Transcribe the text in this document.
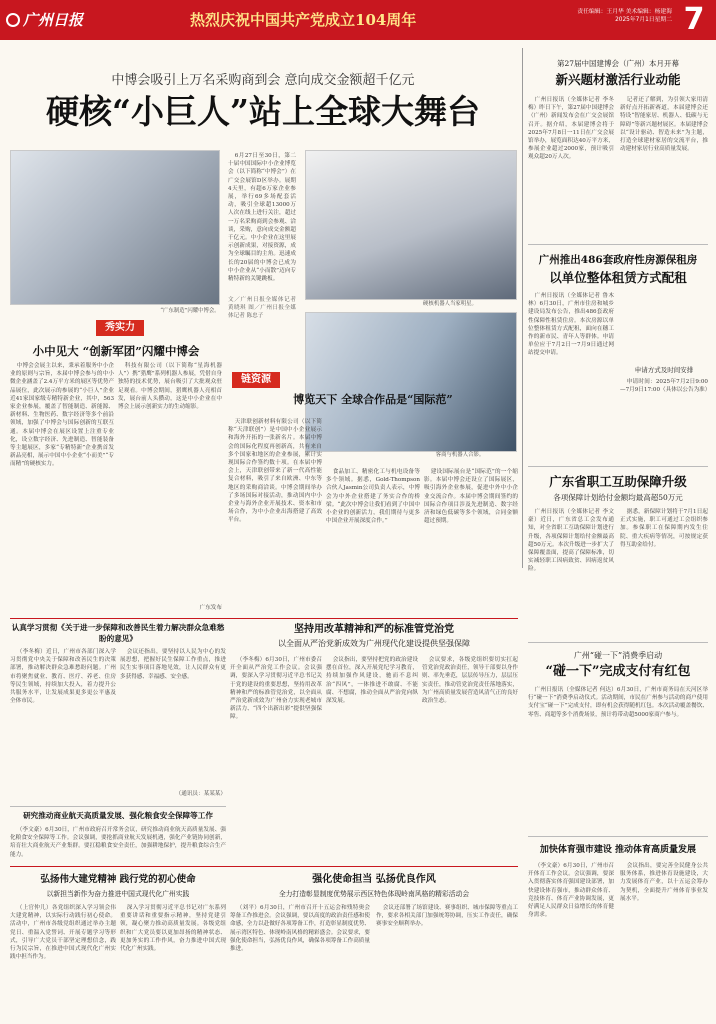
广州日报	热烈庆祝中国共产党成立104周年	责任编辑：王月华 美术编辑：杨建海
2025年7月1日星期二 7
中博会吸引上万名采购商到会 意向成交金额超千亿元
硬核“小巨人”站上全球大舞台
“广东制造”闪耀中博会。

6月27日至30日，第二十届中国国际中小企业博览会（以下简称“中博会”）在广交会展馆D区举办。展期4天里，有超6万家企业参展，举行69多场配套活动，吸引全球超13000万人次在线上进行关注，超过一万名采购商到会参观、洽谈，采购，意向成交金额超千亿元。中小企业在这里展示创新成果，对接资源，成为全球瞩目的主角。迅速成长的20届的中博会已成为中小企业从“小而散”迈向专精特新的关键跳板。

文／广州日报全媒体记者 黄晓琪 图／广州日报全媒体记者 陈忠子
硬核机器人当家明星。
秀实力
小中见大 “创新军团”闪耀中博会
客商与机器人合影。

中博会会展主以来，秉承着服务中小企业的原则与宗旨，本届中博会参与的中小微企业涵盖了2.4万平方米的展区等优势产品展位，此次展示的参展的“小巨人”企业近41家国家级专精特新企业，其中，563家企业参展，覆盖了智能制造、新能源、新材料、生物医药、数字经济等多个前沿领域，加强了中博会与国际创新的互联互通。本届中博会在展区设置上注重专业化，设立数字经济、先进制造、智能装备等主题展区，多家“专精特新”企业携首发新品亮相，展示中国中小企业“小而美”“专而精”的硬核实力。

科技有限公司（以下简称“星海机器人”）携“猎鹰”系列机器人参展，凭借自身独特的技术优势，展台吸引了大批观众驻足观看。中博会期间，猎鹰机器人亮相首发，展台前人头攒动，这是中小企业在中博会上展示创新实力的生动缩影。

广东发布
链资源
博览天下 全球合作品是“国际范”

天津联创新材料有限公司（以下简称“天津联创”）是中国中小企业展示和海外开拓的一张新名片。本届中博会的国际化程度再创新高，共有来自多个国家和地区的企业参展，累计实现国际合作签约数十项。在本届中博会上，天津联创带来了新一代高性能复合材料，吸引了来自欧洲、中东等地区的采购商洽谈。中博会期间举办了多场国际对接活动，推动国内中小企业与海外企业开展技术、资本和市场合作，为中小企业出海搭建了高效平台。

食品加工、精密化工与机电设备等多个领域。据悉，Gold-Thompson合伙人Jasmin公司负责人表示，中博会为中外企业搭建了务实合作的桥梁。“此次中博会让我们看到了中国中小企业的创新活力，我们期待与更多中国企业开展深度合作。”

建设国际展台是“国际范”的一个缩影。本届中博会还设立了国际展区，吸引海外企业参展，促进中外中小企业交流合作。本届中博会期间签约的国际合作项目涉及先进制造、数字经济和绿色低碳等多个领域，合同金额超过预期。

第27届中国建博会（广州）本月开幕
新兴题材激活行业动能

广州日报讯（全媒体记者 李冬梅）昨日下午，第27届中国建博会（广州）新闻发布会在广交会展馆召开。据介绍，本届建博会将于2025年7月8日一11日在广交会展馆举办，展览面积达40万平方米，参展企业超过2000家，预计吸引观众超20万人次。

记者还了解到，为引领大家用清新好点开拓新赛道，本届建博会还特设“智能家居、机器人、低碳与无障碍”等新兴题材展区。本届建博会以“设计驱动、智造未来”为主题，打造全球建材家居的交流平台，推动建材家居行业高质量发展。

广州推出486套政府性房源保租房
以单位整体租赁方式配租

广州日报讯（全媒体记者 鲁木林）6月30日，广州市住房和城乡建设局发布公告，推出486套政府性保障性租赁住房。本次房源以单位整体租赁方式配租，面向在穗工作的新市民、青年人等群体。申请单位应于7月2日一7月9日通过网站提交申请。

申请方式及时间安排

申请时间：2025年7月2日9:00—7月9日17:00（具体以公告为准）

广东省职工互助保障升级
各项保障计划给付金额均最高超50万元

广州日报讯（全媒体记者 李文豪）近日，广东省总工会发布通知，对全省职工互助保障计划进行升级，各项保障计划给付金额最高超50万元。本次升级进一步扩大了保障覆盖面，提高了保障标准，切实减轻职工因病致贫、因病返贫风险。

据悉，新保障计划将于7月1日起正式实施，职工可通过工会组织参加。参保职工在保障期内发生住院、重大疾病等情况，可按规定获得互助金给付。

广州“碰一下”消费季启动
“碰一下”完成支付有红包

广州日报讯（全媒体记者 何达）6月30日，广州市商务局在天河区举行“碰一下”消费季启动仪式。活动期间，市民在广州参与活动的商户使用支付宝“碰一下”完成支付，即有机会获得随机红包。本次活动覆盖餐饮、零售、商超等多个消费场景，预计将带动超5000家商户参与。

认真学习贯彻《关于进一步保障和改善民生着力解决群众急难愁盼的意见》

（李冬梅）近日，广州市各部门深入学习贯彻党中央关于保障和改善民生的决策部署，推动解决群众急难愁盼问题。广州市将聚焦就业、教育、医疗、养老、住房等民生领域，持续加大投入，着力提升公共服务水平，让发展成果更多更公平惠及全体市民。

会议还指出，要坚持以人民为中心的发展思想，把握好民生保障工作重点，推进民生实事项目落地见效，让人民群众有更多获得感、幸福感、安全感。

（通讯员：某某某）
坚持用改革精神和严的标准管党治党
以全面从严治党新成效为广州现代化建设提供坚强保障

（李冬梅）6月30日，广州市委召开全面从严治党工作会议。会议强调，要深入学习贯彻习近平总书记关于党的建设的重要思想，坚持用改革精神和严的标准管党治党，以全面从严治党新成效为广州奋力实现老城市新活力、“四个出新出彩”提供坚强保障。

会议指出，要坚持把党的政治建设摆在首位，深入开展党纪学习教育，持续加强作风建设，驰而不息纠治“四风”，一体推进不敢腐、不能腐、不想腐，推动全面从严治党向纵深发展。

会议要求，各级党组织要切实扛起管党治党政治责任，领导干部要以身作则、率先垂范，层层传导压力，层层压实责任，推动管党治党责任落地落实，为广州高质量发展营造风清气正的良好政治生态。

研究推动商业航天高质量发展、强化粮食安全保障等工作

（李文豪）6月30日，广州市政府召开常务会议，研究推动商业航天高质量发展、强化粮食安全保障等工作。会议强调，要抢抓商业航天发展机遇，强化产业链协同创新，培育壮大商业航天产业集群。要扛稳粮食安全责任，加强耕地保护，提升粮食综合生产能力。

弘扬伟大建党精神 践行党的初心使命
以新担当新作为奋力推进中国式现代化广州实践

（上官仲儿）各党组织深入学习领会伟大建党精神，以实际行动践行初心使命。活动中，广州市各级党组织通过举办主题党日、重温入党誓词、开展专题学习等形式，引导广大党员干部坚定理想信念，践行为民宗旨，在推进中国式现代化广州实践中担当作为。

深入学习贯彻习近平总书记对广东系列重要讲话和重要指示精神，坚持党建引领，凝心聚力推动高质量发展。各级党组织和广大党员要以更加昂扬的精神状态、更加务实的工作作风，奋力推进中国式现代化广州实践。

强化使命担当 弘扬优良作风
全力打造彰显制度优势展示西区特色体现岭南风格的精彩活动会

（刘平）6月30日，广州市召开十五运会和残特奥会筹备工作推进会。会议强调，要以高度的政治责任感和使命感，全力以赴做好各项筹备工作，打造彰显制度优势、展示湾区特色、体现岭南风格的精彩盛会。会议要求，要强化使命担当，弘扬优良作风，确保各项筹备工作高质量推进。

会议还部署了场馆建设、赛事组织、城市保障等重点工作，要求各相关部门加强统筹协调，压实工作责任，确保赛事安全顺利举办。

加快体育强市建设 推动体育高质量发展

（李文豪）6月30日，广州市召开体育工作会议。会议强调，要深入贯彻落实体育强国建设部署，加快建设体育强市，推动群众体育、竞技体育、体育产业协调发展，更好满足人民群众日益增长的体育健身需求。

会议指出，要完善全民健身公共服务体系，推进体育设施建设，大力发展体育产业，以十五运会筹办为契机，全面提升广州体育事业发展水平。
